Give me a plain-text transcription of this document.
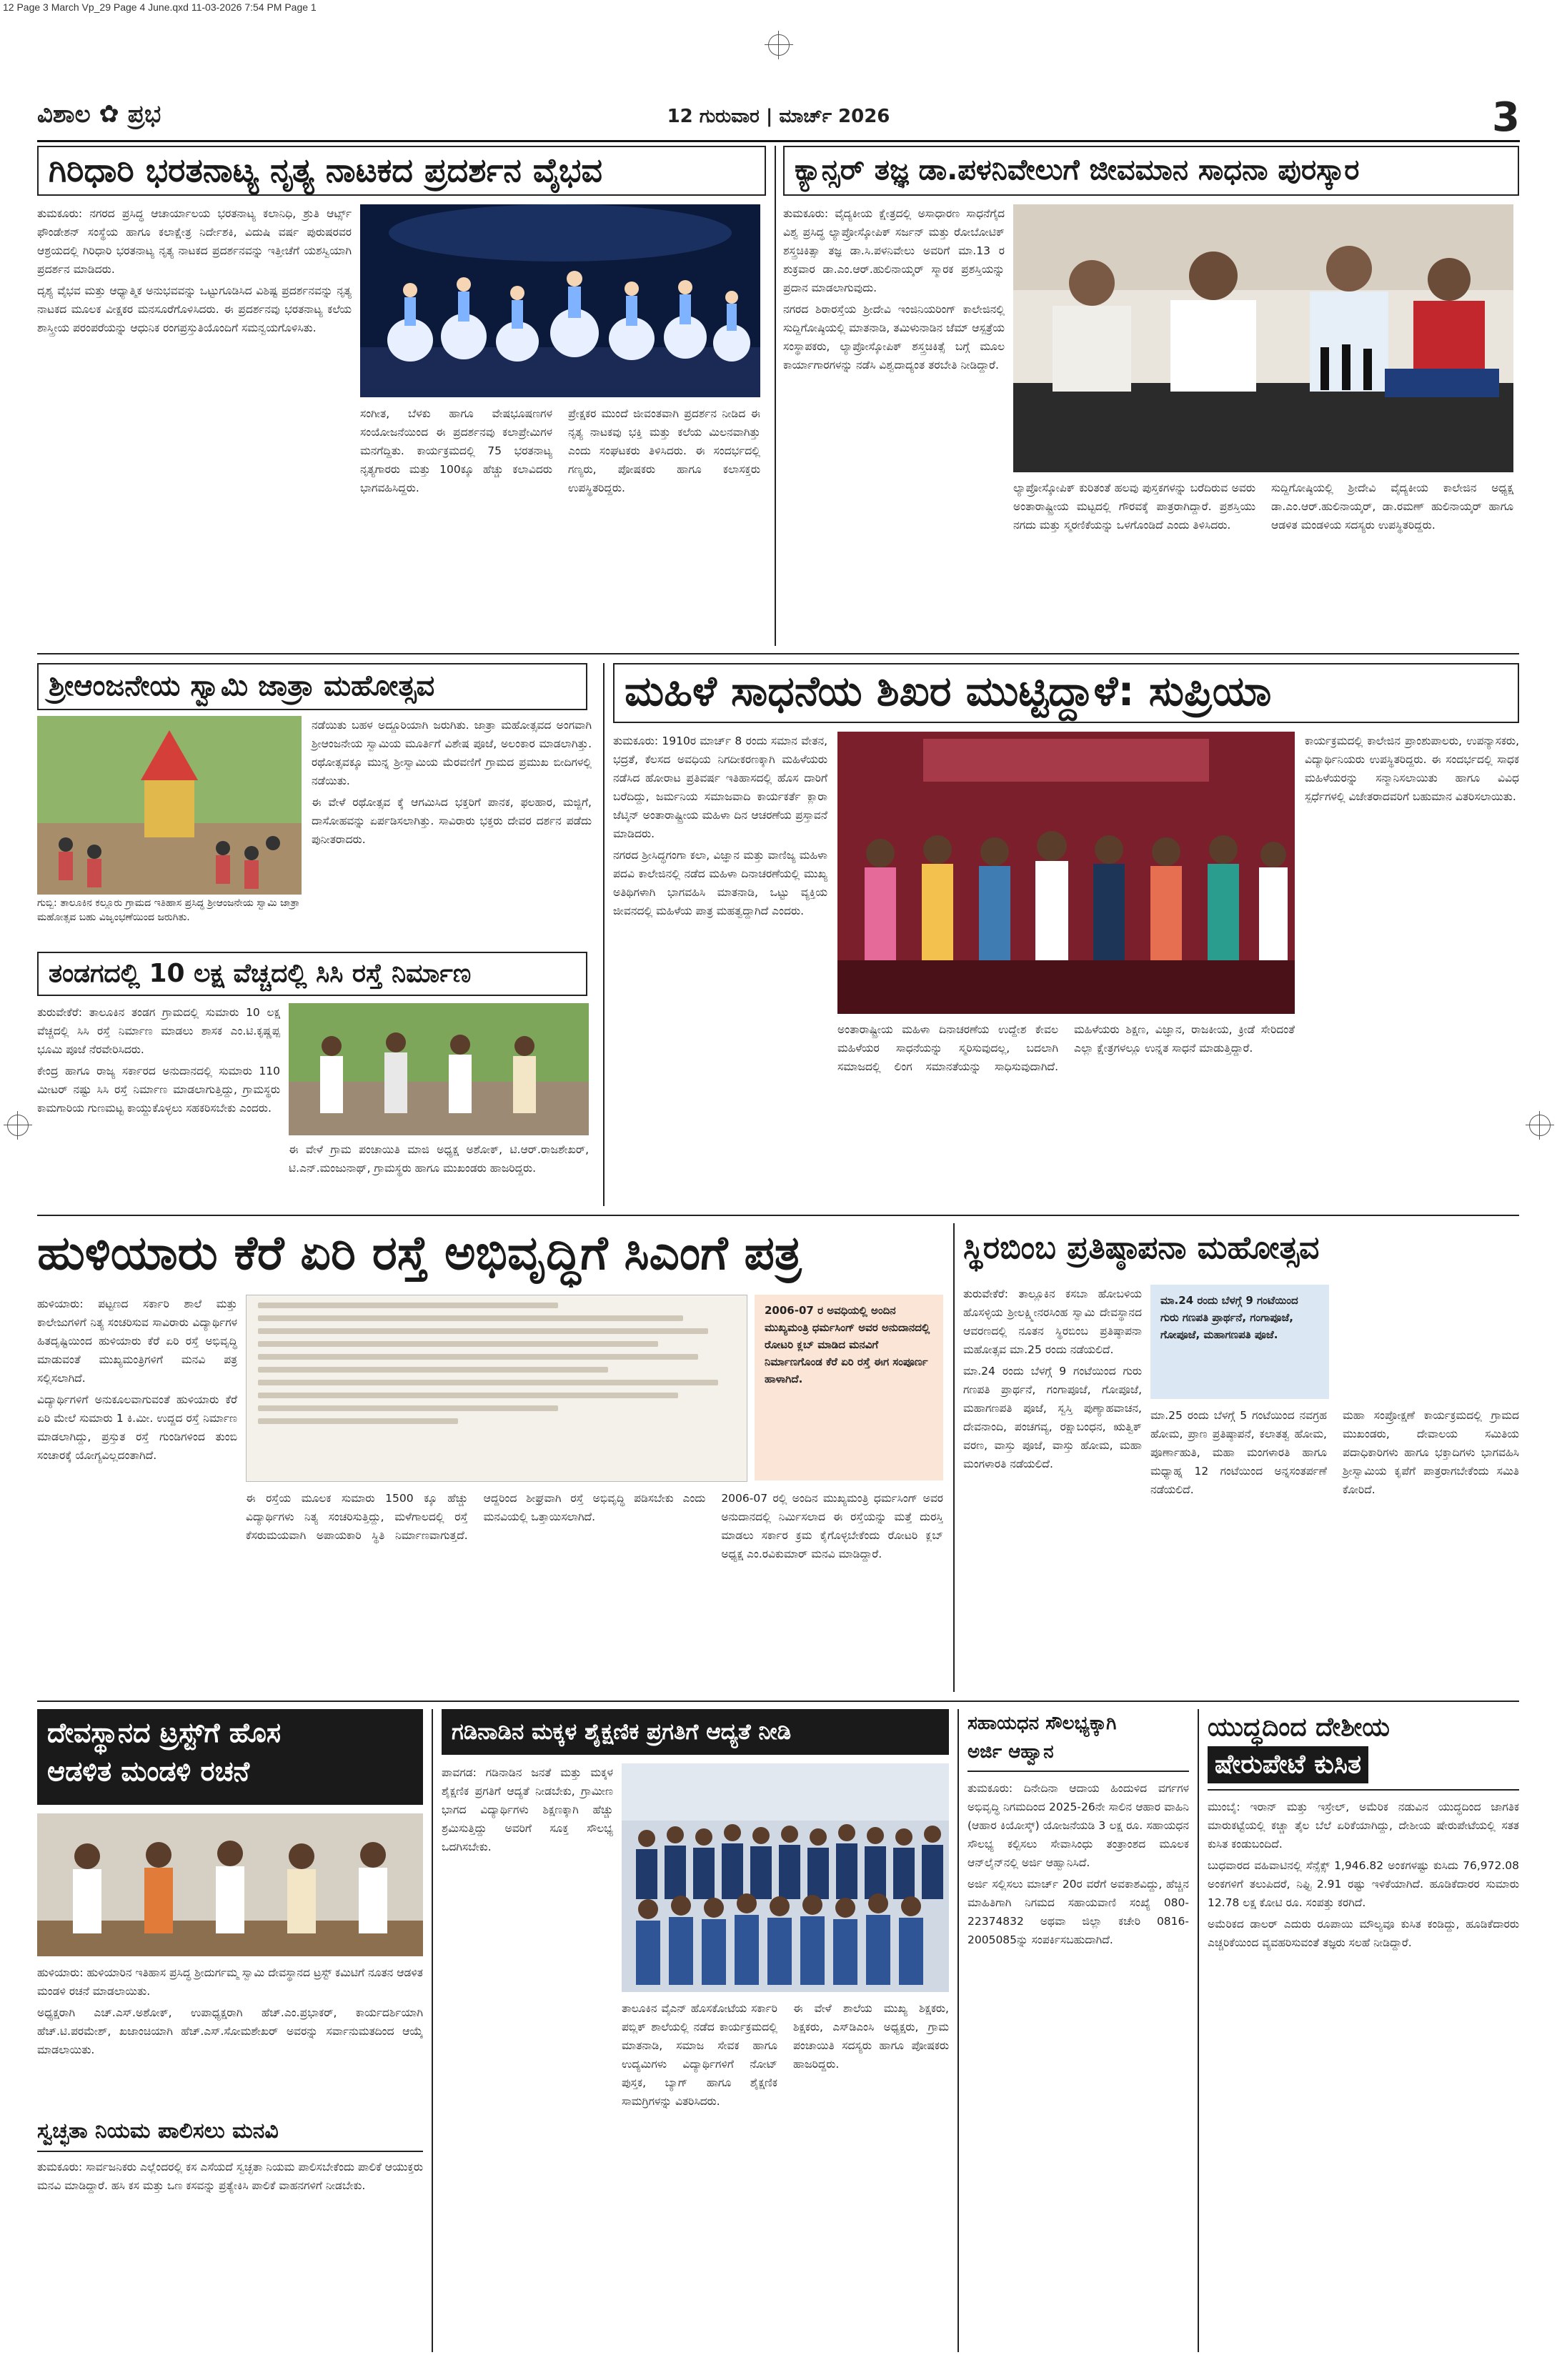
12 Page 3 March Vp_29 Page 4 June.qxd 11-03-2026 7:54 PM Page 1
ವಿಶಾಲ ✿ ಪ್ರಭ	12 ಗುರುವಾರ | ಮಾರ್ಚ್ 2026	3
ಗಿರಿಧಾರಿ ಭರತನಾಟ್ಯ ನೃತ್ಯ ನಾಟಕದ ಪ್ರದರ್ಶನ ವೈಭವ

ತುಮಕೂರು: ನಗರದ ಪ್ರಸಿದ್ಧ ಆಚಾರ್ಯಾಲಯ ಭರತನಾಟ್ಯ ಕಲಾನಿಧಿ, ಶ್ರುತಿ ಆರ್ಟ್ಸ್ ಫೌಂಡೇಶನ್ ಸಂಸ್ಥೆಯ ಹಾಗೂ ಕಲಾಕ್ಷೇತ್ರ ನಿರ್ದೇಶಕಿ, ವಿದುಷಿ ವರ್ಷ ಪುರುಷರವರ ಆಶ್ರಯದಲ್ಲಿ ಗಿರಿಧಾರಿ ಭರತನಾಟ್ಯ ನೃತ್ಯ ನಾಟಕದ ಪ್ರದರ್ಶನವನ್ನು ಇತ್ತೀಚೆಗೆ ಯಶಸ್ವಿಯಾಗಿ ಪ್ರದರ್ಶನ ಮಾಡಿದರು.

ದೃಶ್ಯ ವೈಭವ ಮತ್ತು ಆಧ್ಯಾತ್ಮಿಕ ಅನುಭವವನ್ನು ಒಟ್ಟುಗೂಡಿಸಿದ ವಿಶಿಷ್ಟ ಪ್ರದರ್ಶನವನ್ನು ನೃತ್ಯ ನಾಟಕದ ಮೂಲಕ ವೀಕ್ಷಕರ ಮನಸೂರೆಗೊಳಿಸಿದರು. ಈ ಪ್ರದರ್ಶನವು ಭರತನಾಟ್ಯ ಕಲೆಯ ಶಾಸ್ತ್ರೀಯ ಪರಂಪರೆಯನ್ನು ಆಧುನಿಕ ರಂಗಪ್ರಸ್ತುತಿಯೊಂದಿಗೆ ಸಮನ್ವಯಗೊಳಿಸಿತು.

ಸಂಗೀತ, ಬೆಳಕು ಹಾಗೂ ವೇಷಭೂಷಣಗಳ ಸಂಯೋಜನೆಯಿಂದ ಈ ಪ್ರದರ್ಶನವು ಕಲಾಪ್ರೇಮಿಗಳ ಮನಗೆದ್ದಿತು. ಕಾರ್ಯಕ್ರಮದಲ್ಲಿ 75 ಭರತನಾಟ್ಯ ನೃತ್ಯಗಾರರು ಮತ್ತು 100ಕ್ಕೂ ಹೆಚ್ಚು ಕಲಾವಿದರು ಭಾಗವಹಿಸಿದ್ದರು.

ಪ್ರೇಕ್ಷಕರ ಮುಂದೆ ಜೀವಂತವಾಗಿ ಪ್ರದರ್ಶನ ನೀಡಿದ ಈ ನೃತ್ಯ ನಾಟಕವು ಭಕ್ತಿ ಮತ್ತು ಕಲೆಯ ಮಿಲನವಾಗಿತ್ತು ಎಂದು ಸಂಘಟಕರು ತಿಳಿಸಿದರು. ಈ ಸಂದರ್ಭದಲ್ಲಿ ಗಣ್ಯರು, ಪೋಷಕರು ಹಾಗೂ ಕಲಾಸಕ್ತರು ಉಪಸ್ಥಿತರಿದ್ದರು.

ಕ್ಯಾನ್ಸರ್ ತಜ್ಞ ಡಾ.ಪಳನಿವೇಲುಗೆ ಜೀವಮಾನ ಸಾಧನಾ ಪುರಸ್ಕಾರ

ತುಮಕೂರು: ವೈದ್ಯಕೀಯ ಕ್ಷೇತ್ರದಲ್ಲಿ ಅಸಾಧಾರಣ ಸಾಧನೆಗೈದ ವಿಶ್ವ ಪ್ರಸಿದ್ಧ ಲ್ಯಾಪ್ರೋಸ್ಕೋಪಿಕ್ ಸರ್ಜನ್ ಮತ್ತು ರೋಬೋಟಿಕ್ ಶಸ್ತ್ರಚಿಕಿತ್ಸಾ ತಜ್ಞ ಡಾ.ಸಿ.ಪಳನಿವೇಲು ಅವರಿಗೆ ಮಾ.13 ರ ಶುಕ್ರವಾರ ಡಾ.ಎಂ.ಆರ್.ಹುಲಿನಾಯ್ಕರ್ ಸ್ಮಾರಕ ಪ್ರಶಸ್ತಿಯನ್ನು ಪ್ರದಾನ ಮಾಡಲಾಗುವುದು.

ನಗರದ ಶಿರಾರಸ್ತೆಯ ಶ್ರೀದೇವಿ ಇಂಜಿನಿಯರಿಂಗ್ ಕಾಲೇಜಿನಲ್ಲಿ ಸುದ್ದಿಗೋಷ್ಠಿಯಲ್ಲಿ ಮಾತನಾಡಿ, ತಮಿಳುನಾಡಿನ ಜೆಮ್ ಆಸ್ಪತ್ರೆಯ ಸಂಸ್ಥಾಪಕರು, ಲ್ಯಾಪ್ರೋಸ್ಕೋಪಿಕ್ ಶಸ್ತ್ರಚಿಕಿತ್ಸೆ ಬಗ್ಗೆ ಮೂಲ ಕಾರ್ಯಾಗಾರಗಳನ್ನು ನಡೆಸಿ ವಿಶ್ವದಾದ್ಯಂತ ತರಬೇತಿ ನೀಡಿದ್ದಾರೆ.

ಲ್ಯಾಪ್ರೋಸ್ಕೋಪಿಕ್ ಕುರಿತಂತೆ ಹಲವು ಪುಸ್ತಕಗಳನ್ನು ಬರೆದಿರುವ ಅವರು ಅಂತಾರಾಷ್ಟ್ರೀಯ ಮಟ್ಟದಲ್ಲಿ ಗೌರವಕ್ಕೆ ಪಾತ್ರರಾಗಿದ್ದಾರೆ. ಪ್ರಶಸ್ತಿಯು ನಗದು ಮತ್ತು ಸ್ಮರಣಿಕೆಯನ್ನು ಒಳಗೊಂಡಿದೆ ಎಂದು ತಿಳಿಸಿದರು.

ಸುದ್ದಿಗೋಷ್ಠಿಯಲ್ಲಿ ಶ್ರೀದೇವಿ ವೈದ್ಯಕೀಯ ಕಾಲೇಜಿನ ಅಧ್ಯಕ್ಷ ಡಾ.ಎಂ.ಆರ್.ಹುಲಿನಾಯ್ಕರ್, ಡಾ.ರಮಣ್ ಹುಲಿನಾಯ್ಕರ್ ಹಾಗೂ ಆಡಳಿತ ಮಂಡಳಿಯ ಸದಸ್ಯರು ಉಪಸ್ಥಿತರಿದ್ದರು.

ಶ್ರೀಆಂಜನೇಯ ಸ್ವಾಮಿ ಜಾತ್ರಾ ಮಹೋತ್ಸವ
ಗುಬ್ಬಿ: ತಾಲೂಕಿನ ಕಲ್ಲೂರು ಗ್ರಾಮದ ಇತಿಹಾಸ ಪ್ರಸಿದ್ಧ ಶ್ರೀಆಂಜನೇಯ ಸ್ವಾಮಿ ಜಾತ್ರಾ ಮಹೋತ್ಸವ ಬಹು ವಿಜೃಂಭಣೆಯಿಂದ ಜರುಗಿತು.

ನಡೆಯಿತು ಬಹಳ ಅದ್ದೂರಿಯಾಗಿ ಜರುಗಿತು. ಜಾತ್ರಾ ಮಹೋತ್ಸವದ ಅಂಗವಾಗಿ ಶ್ರೀಆಂಜನೇಯ ಸ್ವಾಮಿಯ ಮೂರ್ತಿಗೆ ವಿಶೇಷ ಪೂಜೆ, ಅಲಂಕಾರ ಮಾಡಲಾಗಿತ್ತು. ರಥೋತ್ಸವಕ್ಕೂ ಮುನ್ನ ಶ್ರೀಸ್ವಾಮಿಯ ಮೆರವಣಿಗೆ ಗ್ರಾಮದ ಪ್ರಮುಖ ಬೀದಿಗಳಲ್ಲಿ ನಡೆಯಿತು.

ಈ ವೇಳೆ ರಥೋತ್ಸವ ಕ್ಕೆ ಆಗಮಿಸಿದ ಭಕ್ತರಿಗೆ ಪಾನಕ, ಫಲಹಾರ, ಮಜ್ಜಿಗೆ, ದಾಸೋಹವನ್ನು ಏರ್ಪಡಿಸಲಾಗಿತ್ತು. ಸಾವಿರಾರು ಭಕ್ತರು ದೇವರ ದರ್ಶನ ಪಡೆದು ಪುನೀತರಾದರು.

ತಂಡಗದಲ್ಲಿ 10 ಲಕ್ಷ ವೆಚ್ಚದಲ್ಲಿ ಸಿಸಿ ರಸ್ತೆ ನಿರ್ಮಾಣ

ತುರುವೇಕೆರೆ: ತಾಲೂಕಿನ ತಂಡಗ ಗ್ರಾಮದಲ್ಲಿ ಸುಮಾರು 10 ಲಕ್ಷ ವೆಚ್ಚದಲ್ಲಿ ಸಿಸಿ ರಸ್ತೆ ನಿರ್ಮಾಣ ಮಾಡಲು ಶಾಸಕ ಎಂ.ಟಿ.ಕೃಷ್ಣಪ್ಪ ಭೂಮಿ ಪೂಜೆ ನೆರವೇರಿಸಿದರು.

ಕೇಂದ್ರ ಹಾಗೂ ರಾಜ್ಯ ಸರ್ಕಾರದ ಅನುದಾನದಲ್ಲಿ ಸುಮಾರು 110 ಮೀಟರ್ ನಷ್ಟು ಸಿಸಿ ರಸ್ತೆ ನಿರ್ಮಾಣ ಮಾಡಲಾಗುತ್ತಿದ್ದು, ಗ್ರಾಮಸ್ಥರು ಕಾಮಗಾರಿಯ ಗುಣಮಟ್ಟ ಕಾಯ್ದುಕೊಳ್ಳಲು ಸಹಕರಿಸಬೇಕು ಎಂದರು.

ಈ ವೇಳೆ ಗ್ರಾಮ ಪಂಚಾಯಿತಿ ಮಾಜಿ ಅಧ್ಯಕ್ಷ ಅಶೋಕ್, ಟಿ.ಆರ್.ರಾಜಶೇಖರ್, ಟಿ.ಎನ್.ಮಂಜುನಾಥ್, ಗ್ರಾಮಸ್ಥರು ಹಾಗೂ ಮುಖಂಡರು ಹಾಜರಿದ್ದರು.

ಮಹಿಳೆ ಸಾಧನೆಯ ಶಿಖರ ಮುಟ್ಟಿದ್ದಾಳೆ: ಸುಪ್ರಿಯಾ

ತುಮಕೂರು: 1910ರ ಮಾರ್ಚ್ 8 ರಂದು ಸಮಾನ ವೇತನ, ಭದ್ರತೆ, ಕೆಲಸದ ಅವಧಿಯ ನಿಗದೀಕರಣಕ್ಕಾಗಿ ಮಹಿಳೆಯರು ನಡೆಸಿದ ಹೋರಾಟ ಪ್ರತಿವರ್ಷ ಇತಿಹಾಸದಲ್ಲಿ ಹೊಸ ದಾರಿಗೆ ಬರೆದಿದ್ದು, ಜರ್ಮನಿಯ ಸಮಾಜವಾದಿ ಕಾರ್ಯಕರ್ತೆ ಕ್ಲಾರಾ ಜೆಟ್ಕಿನ್ ಅಂತಾರಾಷ್ಟ್ರೀಯ ಮಹಿಳಾ ದಿನ ಆಚರಣೆಯ ಪ್ರಸ್ತಾವನೆ ಮಾಡಿದರು.

ನಗರದ ಶ್ರೀಸಿದ್ಧಗಂಗಾ ಕಲಾ, ವಿಜ್ಞಾನ ಮತ್ತು ವಾಣಿಜ್ಯ ಮಹಿಳಾ ಪದವಿ ಕಾಲೇಜಿನಲ್ಲಿ ನಡೆದ ಮಹಿಳಾ ದಿನಾಚರಣೆಯಲ್ಲಿ ಮುಖ್ಯ ಅತಿಥಿಗಳಾಗಿ ಭಾಗವಹಿಸಿ ಮಾತನಾಡಿ, ಒಟ್ಟು ವ್ಯಕ್ತಿಯ ಜೀವನದಲ್ಲಿ ಮಹಿಳೆಯ ಪಾತ್ರ ಮಹತ್ವದ್ದಾಗಿದೆ ಎಂದರು.

ಅಂತಾರಾಷ್ಟ್ರೀಯ ಮಹಿಳಾ ದಿನಾಚರಣೆಯ ಉದ್ದೇಶ ಕೇವಲ ಮಹಿಳೆಯರ ಸಾಧನೆಯನ್ನು ಸ್ಮರಿಸುವುದಲ್ಲ, ಬದಲಾಗಿ ಸಮಾಜದಲ್ಲಿ ಲಿಂಗ ಸಮಾನತೆಯನ್ನು ಸಾಧಿಸುವುದಾಗಿದೆ. ಮಹಿಳೆಯರು ಶಿಕ್ಷಣ, ವಿಜ್ಞಾನ, ರಾಜಕೀಯ, ಕ್ರೀಡೆ ಸೇರಿದಂತೆ ಎಲ್ಲಾ ಕ್ಷೇತ್ರಗಳಲ್ಲೂ ಉನ್ನತ ಸಾಧನೆ ಮಾಡುತ್ತಿದ್ದಾರೆ.

ಕಾರ್ಯಕ್ರಮದಲ್ಲಿ ಕಾಲೇಜಿನ ಪ್ರಾಂಶುಪಾಲರು, ಉಪನ್ಯಾಸಕರು, ವಿದ್ಯಾರ್ಥಿನಿಯರು ಉಪಸ್ಥಿತರಿದ್ದರು. ಈ ಸಂದರ್ಭದಲ್ಲಿ ಸಾಧಕ ಮಹಿಳೆಯರನ್ನು ಸನ್ಮಾನಿಸಲಾಯಿತು ಹಾಗೂ ವಿವಿಧ ಸ್ಪರ್ಧೆಗಳಲ್ಲಿ ವಿಜೇತರಾದವರಿಗೆ ಬಹುಮಾನ ವಿತರಿಸಲಾಯಿತು.

ಹುಳಿಯಾರು ಕೆರೆ ಏರಿ ರಸ್ತೆ ಅಭಿವೃದ್ಧಿಗೆ ಸಿಎಂಗೆ ಪತ್ರ

ಹುಳಿಯಾರು: ಪಟ್ಟಣದ ಸರ್ಕಾರಿ ಶಾಲೆ ಮತ್ತು ಕಾಲೇಜುಗಳಿಗೆ ನಿತ್ಯ ಸಂಚರಿಸುವ ಸಾವಿರಾರು ವಿದ್ಯಾರ್ಥಿಗಳ ಹಿತದೃಷ್ಟಿಯಿಂದ ಹುಳಿಯಾರು ಕೆರೆ ಏರಿ ರಸ್ತೆ ಅಭಿವೃದ್ಧಿ ಮಾಡುವಂತೆ ಮುಖ್ಯಮಂತ್ರಿಗಳಿಗೆ ಮನವಿ ಪತ್ರ ಸಲ್ಲಿಸಲಾಗಿದೆ.

ವಿದ್ಯಾರ್ಥಿಗಳಿಗೆ ಅನುಕೂಲವಾಗುವಂತೆ ಹುಳಿಯಾರು ಕೆರೆ ಏರಿ ಮೇಲೆ ಸುಮಾರು 1 ಕಿ.ಮೀ. ಉದ್ದದ ರಸ್ತೆ ನಿರ್ಮಾಣ ಮಾಡಲಾಗಿದ್ದು, ಪ್ರಸ್ತುತ ರಸ್ತೆ ಗುಂಡಿಗಳಿಂದ ತುಂಬಿ ಸಂಚಾರಕ್ಕೆ ಯೋಗ್ಯವಿಲ್ಲದಂತಾಗಿದೆ.

2006-07 ರ ಅವಧಿಯಲ್ಲಿ ಅಂದಿನ ಮುಖ್ಯಮಂತ್ರಿ ಧರ್ಮಸಿಂಗ್ ಅವರ ಅನುದಾನದಲ್ಲಿ ರೋಟರಿ ಕ್ಲಬ್ ಮಾಡಿದ ಮನವಿಗೆ ನಿರ್ಮಾಣಗೊಂಡ ಕೆರೆ ಏರಿ ರಸ್ತೆ ಈಗ ಸಂಪೂರ್ಣ ಹಾಳಾಗಿದೆ.

ಈ ರಸ್ತೆಯ ಮೂಲಕ ಸುಮಾರು 1500 ಕ್ಕೂ ಹೆಚ್ಚು ವಿದ್ಯಾರ್ಥಿಗಳು ನಿತ್ಯ ಸಂಚರಿಸುತ್ತಿದ್ದು, ಮಳೆಗಾಲದಲ್ಲಿ ರಸ್ತೆ ಕೆಸರುಮಯವಾಗಿ ಅಪಾಯಕಾರಿ ಸ್ಥಿತಿ ನಿರ್ಮಾಣವಾಗುತ್ತದೆ. ಆದ್ದರಿಂದ ಶೀಘ್ರವಾಗಿ ರಸ್ತೆ ಅಭಿವೃದ್ಧಿ ಪಡಿಸಬೇಕು ಎಂದು ಮನವಿಯಲ್ಲಿ ಒತ್ತಾಯಿಸಲಾಗಿದೆ.

2006-07 ರಲ್ಲಿ ಅಂದಿನ ಮುಖ್ಯಮಂತ್ರಿ ಧರ್ಮಸಿಂಗ್ ಅವರ ಅನುದಾನದಲ್ಲಿ ನಿರ್ಮಿಸಲಾದ ಈ ರಸ್ತೆಯನ್ನು ಮತ್ತೆ ದುರಸ್ತಿ ಮಾಡಲು ಸರ್ಕಾರ ಕ್ರಮ ಕೈಗೊಳ್ಳಬೇಕೆಂದು ರೋಟರಿ ಕ್ಲಬ್ ಅಧ್ಯಕ್ಷ ಎಂ.ರವಿಕುಮಾರ್ ಮನವಿ ಮಾಡಿದ್ದಾರೆ.

ಸ್ಥಿರಬಿಂಬ ಪ್ರತಿಷ್ಠಾಪನಾ ಮಹೋತ್ಸವ

ತುರುವೇಕೆರೆ: ತಾಲ್ಲೂಕಿನ ಕಸಬಾ ಹೋಬಳಿಯ ಹೊಸಳ್ಳಿಯ ಶ್ರೀಲಕ್ಷ್ಮೀನರಸಿಂಹ ಸ್ವಾಮಿ ದೇವಸ್ಥಾನದ ಆವರಣದಲ್ಲಿ ನೂತನ ಸ್ಥಿರಬಿಂಬ ಪ್ರತಿಷ್ಠಾಪನಾ ಮಹೋತ್ಸವ ಮಾ.25 ರಂದು ನಡೆಯಲಿದೆ.

ಮಾ.24 ರಂದು ಬೆಳಗ್ಗೆ 9 ಗಂಟೆಯಿಂದ ಗುರು ಗಣಪತಿ ಪ್ರಾರ್ಥನೆ, ಗಂಗಾಪೂಜೆ, ಗೋಪೂಜೆ, ಮಹಾಗಣಪತಿ ಪೂಜೆ, ಸ್ವಸ್ತಿ ಪುಣ್ಯಾಹವಾಚನ, ದೇವನಾಂದಿ, ಪಂಚಗವ್ಯ, ರಕ್ಷಾಬಂಧನ, ಋತ್ವಿಕ್ ವರಣ, ವಾಸ್ತು ಪೂಜೆ, ವಾಸ್ತು ಹೋಮ, ಮಹಾ ಮಂಗಳಾರತಿ ನಡೆಯಲಿದೆ.

ಮಾ.24 ರಂದು ಬೆಳಗ್ಗೆ 9 ಗಂಟೆಯಿಂದ ಗುರು ಗಣಪತಿ ಪ್ರಾರ್ಥನೆ, ಗಂಗಾಪೂಜೆ, ಗೋಪೂಜೆ, ಮಹಾಗಣಪತಿ ಪೂಜೆ.

ಮಾ.25 ರಂದು ಬೆಳಗ್ಗೆ 5 ಗಂಟೆಯಿಂದ ನವಗ್ರಹ ಹೋಮ, ಪ್ರಾಣ ಪ್ರತಿಷ್ಠಾಪನೆ, ಕಲಾತತ್ವ ಹೋಮ, ಪೂರ್ಣಾಹುತಿ, ಮಹಾ ಮಂಗಳಾರತಿ ಹಾಗೂ ಮಧ್ಯಾಹ್ನ 12 ಗಂಟೆಯಿಂದ ಅನ್ನಸಂತರ್ಪಣೆ ನಡೆಯಲಿದೆ.

ಮಹಾ ಸಂಪ್ರೋಕ್ಷಣೆ ಕಾರ್ಯಕ್ರಮದಲ್ಲಿ ಗ್ರಾಮದ ಮುಖಂಡರು, ದೇವಾಲಯ ಸಮಿತಿಯ ಪದಾಧಿಕಾರಿಗಳು ಹಾಗೂ ಭಕ್ತಾದಿಗಳು ಭಾಗವಹಿಸಿ ಶ್ರೀಸ್ವಾಮಿಯ ಕೃಪೆಗೆ ಪಾತ್ರರಾಗಬೇಕೆಂದು ಸಮಿತಿ ಕೋರಿದೆ.

ದೇವಸ್ಥಾನದ ಟ್ರಸ್ಟ್‌ಗೆ ಹೊಸ
ಆಡಳಿತ ಮಂಡಳಿ ರಚನೆ

ಹುಳಿಯಾರು: ಹುಳಿಯಾರಿನ ಇತಿಹಾಸ ಪ್ರಸಿದ್ಧ ಶ್ರೀದುರ್ಗಮ್ಮ ಸ್ವಾಮಿ ದೇವಸ್ಥಾನದ ಟ್ರಸ್ಟ್ ಕಮಿಟಿಗೆ ನೂತನ ಆಡಳಿತ ಮಂಡಳಿ ರಚನೆ ಮಾಡಲಾಯಿತು.

ಅಧ್ಯಕ್ಷರಾಗಿ ಎಚ್.ಎಸ್.ಅಶೋಕ್, ಉಪಾಧ್ಯಕ್ಷರಾಗಿ ಹೆಚ್.ಎಂ.ಪ್ರಭಾಕರ್, ಕಾರ್ಯದರ್ಶಿಯಾಗಿ ಹೆಚ್.ಟಿ.ಪರಮೇಶ್, ಖಜಾಂಚಿಯಾಗಿ ಹೆಚ್.ಎಸ್.ಸೋಮಶೇಖರ್ ಅವರನ್ನು ಸರ್ವಾನುಮತದಿಂದ ಆಯ್ಕೆ ಮಾಡಲಾಯಿತು.

ಸ್ವಚ್ಛತಾ ನಿಯಮ ಪಾಲಿಸಲು ಮನವಿ

ತುಮಕೂರು: ಸಾರ್ವಜನಿಕರು ಎಲ್ಲೆಂದರಲ್ಲಿ ಕಸ ಎಸೆಯದೆ ಸ್ವಚ್ಛತಾ ನಿಯಮ ಪಾಲಿಸಬೇಕೆಂದು ಪಾಲಿಕೆ ಆಯುಕ್ತರು ಮನವಿ ಮಾಡಿದ್ದಾರೆ. ಹಸಿ ಕಸ ಮತ್ತು ಒಣ ಕಸವನ್ನು ಪ್ರತ್ಯೇಕಿಸಿ ಪಾಲಿಕೆ ವಾಹನಗಳಿಗೆ ನೀಡಬೇಕು.

ಗಡಿನಾಡಿನ ಮಕ್ಕಳ ಶೈಕ್ಷಣಿಕ ಪ್ರಗತಿಗೆ ಆದ್ಯತೆ ನೀಡಿ

ಪಾವಗಡ: ಗಡಿನಾಡಿನ ಜನತೆ ಮತ್ತು ಮಕ್ಕಳ ಶೈಕ್ಷಣಿಕ ಪ್ರಗತಿಗೆ ಆದ್ಯತೆ ನೀಡಬೇಕು, ಗ್ರಾಮೀಣ ಭಾಗದ ವಿದ್ಯಾರ್ಥಿಗಳು ಶಿಕ್ಷಣಕ್ಕಾಗಿ ಹೆಚ್ಚು ಶ್ರಮಿಸುತ್ತಿದ್ದು ಅವರಿಗೆ ಸೂಕ್ತ ಸೌಲಭ್ಯ ಒದಗಿಸಬೇಕು.

ತಾಲೂಕಿನ ವೈಎನ್ ಹೊಸಕೋಟೆಯ ಸರ್ಕಾರಿ ಪಬ್ಲಿಕ್ ಶಾಲೆಯಲ್ಲಿ ನಡೆದ ಕಾರ್ಯಕ್ರಮದಲ್ಲಿ ಮಾತನಾಡಿ, ಸಮಾಜ ಸೇವಕ ಹಾಗೂ ಉದ್ಯಮಿಗಳು ವಿದ್ಯಾರ್ಥಿಗಳಿಗೆ ನೋಟ್ ಪುಸ್ತಕ, ಬ್ಯಾಗ್ ಹಾಗೂ ಶೈಕ್ಷಣಿಕ ಸಾಮಗ್ರಿಗಳನ್ನು ವಿತರಿಸಿದರು.

ಈ ವೇಳೆ ಶಾಲೆಯ ಮುಖ್ಯ ಶಿಕ್ಷಕರು, ಶಿಕ್ಷಕರು, ಎಸ್‌ಡಿಎಂಸಿ ಅಧ್ಯಕ್ಷರು, ಗ್ರಾಮ ಪಂಚಾಯಿತಿ ಸದಸ್ಯರು ಹಾಗೂ ಪೋಷಕರು ಹಾಜರಿದ್ದರು.

ಸಹಾಯಧನ ಸೌಲಭ್ಯಕ್ಕಾಗಿ
ಅರ್ಜಿ ಆಹ್ವಾನ

ತುಮಕೂರು: ದಿನೇದಿನಾ ಆದಾಯ ಹಿಂದುಳಿದ ವರ್ಗಗಳ ಅಭಿವೃದ್ಧಿ ನಿಗಮದಿಂದ 2025-26ನೇ ಸಾಲಿನ ಆಹಾರ ವಾಹಿನಿ (ಆಹಾರ ಕಿಯೋಸ್ಕ್) ಯೋಜನೆಯಡಿ 3 ಲಕ್ಷ ರೂ. ಸಹಾಯಧನ ಸೌಲಭ್ಯ ಕಲ್ಪಿಸಲು ಸೇವಾಸಿಂಧು ತಂತ್ರಾಂಶದ ಮೂಲಕ ಆನ್‌ಲೈನ್‌ನಲ್ಲಿ ಅರ್ಜಿ ಆಹ್ವಾನಿಸಿದೆ.

ಅರ್ಜಿ ಸಲ್ಲಿಸಲು ಮಾರ್ಚ್ 20ರ ವರೆಗೆ ಅವಕಾಶವಿದ್ದು, ಹೆಚ್ಚಿನ ಮಾಹಿತಿಗಾಗಿ ನಿಗಮದ ಸಹಾಯವಾಣಿ ಸಂಖ್ಯೆ 080-22374832 ಅಥವಾ ಜಿಲ್ಲಾ ಕಚೇರಿ 0816-2005085ನ್ನು ಸಂಪರ್ಕಿಸಬಹುದಾಗಿದೆ.

ಯುದ್ಧದಿಂದ ದೇಶೀಯ
ಷೇರುಪೇಟೆ ಕುಸಿತ

ಮುಂಬೈ: ಇರಾನ್ ಮತ್ತು ಇಸ್ರೇಲ್, ಅಮೆರಿಕ ನಡುವಿನ ಯುದ್ಧದಿಂದ ಜಾಗತಿಕ ಮಾರುಕಟ್ಟೆಯಲ್ಲಿ ಕಚ್ಚಾ ತೈಲ ಬೆಲೆ ಏರಿಕೆಯಾಗಿದ್ದು, ದೇಶೀಯ ಷೇರುಪೇಟೆಯಲ್ಲಿ ಸತತ ಕುಸಿತ ಕಂಡುಬಂದಿದೆ.

ಬುಧವಾರದ ವಹಿವಾಟಿನಲ್ಲಿ ಸೆನ್ಸೆಕ್ಸ್ 1,946.82 ಅಂಕಗಳಷ್ಟು ಕುಸಿದು 76,972.08 ಅಂಕಗಳಿಗೆ ತಲುಪಿದರೆ, ನಿಫ್ಟಿ 2.91 ರಷ್ಟು ಇಳಿಕೆಯಾಗಿದೆ. ಹೂಡಿಕೆದಾರರ ಸುಮಾರು 12.78 ಲಕ್ಷ ಕೋಟಿ ರೂ. ಸಂಪತ್ತು ಕರಗಿದೆ.

ಅಮೆರಿಕದ ಡಾಲರ್ ಎದುರು ರೂಪಾಯಿ ಮೌಲ್ಯವೂ ಕುಸಿತ ಕಂಡಿದ್ದು, ಹೂಡಿಕೆದಾರರು ಎಚ್ಚರಿಕೆಯಿಂದ ವ್ಯವಹರಿಸುವಂತೆ ತಜ್ಞರು ಸಲಹೆ ನೀಡಿದ್ದಾರೆ.
